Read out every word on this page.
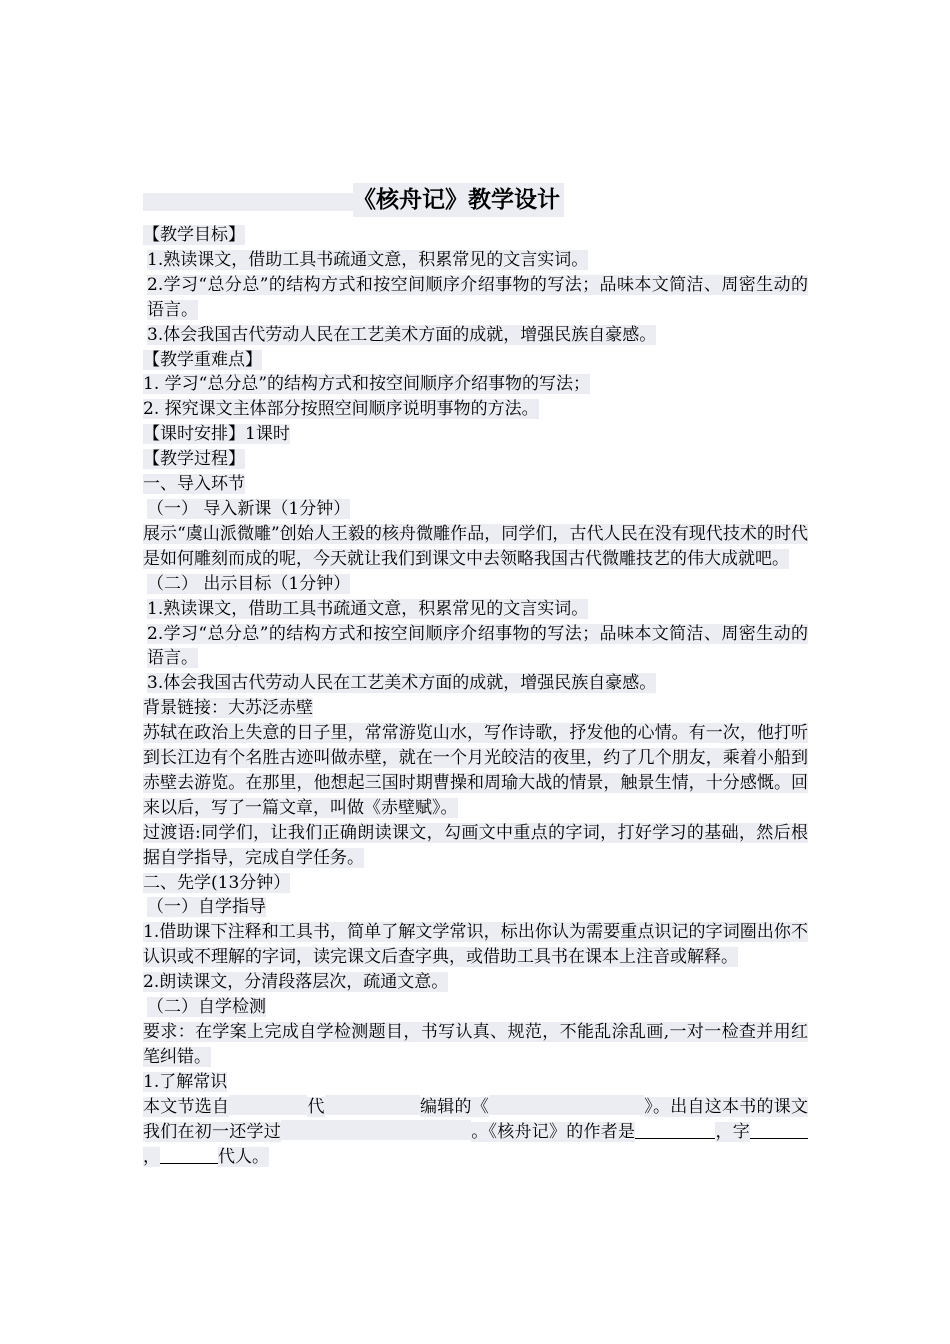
《核舟记》教学设计
【教学目标】
1.熟读课文，借助工具书疏通文意，积累常见的文言实词。
2.学习“总分总”的结构方式和按空间顺序介绍事物的写法；品味本文简洁、周密生动的语言。
3.体会我国古代劳动人民在工艺美术方面的成就，增强民族自豪感。
【教学重难点】
1. 学习“总分总”的结构方式和按空间顺序介绍事物的写法；
2. 探究课文主体部分按照空间顺序说明事物的方法。
【课时安排】1课时
【教学过程】
一、导入环节
（一） 导入新课（1分钟）
展示“虞山派微雕”创始人王毅的核舟微雕作品，同学们，古代人民在没有现代技术的时代是如何雕刻而成的呢，今天就让我们到课文中去领略我国古代微雕技艺的伟大成就吧。
（二） 出示目标（1分钟）
1.熟读课文，借助工具书疏通文意，积累常见的文言实词。
2.学习“总分总”的结构方式和按空间顺序介绍事物的写法；品味本文简洁、周密生动的语言。
3.体会我国古代劳动人民在工艺美术方面的成就，增强民族自豪感。
背景链接：大苏泛赤壁
苏轼在政治上失意的日子里，常常游览山水，写作诗歌，抒发他的心情。有一次，他打听到长江边有个名胜古迹叫做赤壁，就在一个月光皎洁的夜里，约了几个朋友，乘着小船到赤壁去游览。在那里，他想起三国时期曹操和周瑜大战的情景，触景生情，十分感慨。回来以后，写了一篇文章，叫做《赤壁赋》。
过渡语:同学们，让我们正确朗读课文，勾画文中重点的字词，打好学习的基础，然后根据自学指导，完成自学任务。
二、先学(13分钟）
（一）自学指导
1.借助课下注释和工具书，简单了解文学常识，标出你认为需要重点识记的字词圈出你不认识或不理解的字词，读完课文后查字典，或借助工具书在课本上注音或解释。
2.朗读课文，分清段落层次，疏通文意。
（二）自学检测
要求：在学案上完成自学检测题目，书写认真、规范，不能乱涂乱画,一对一检查并用红笔纠错。
1.了解常识
本文节选自	代	编辑的《	》。出自这本书的课文我们在初一还学过	。《核舟记》的作者是	，字，	代人。
